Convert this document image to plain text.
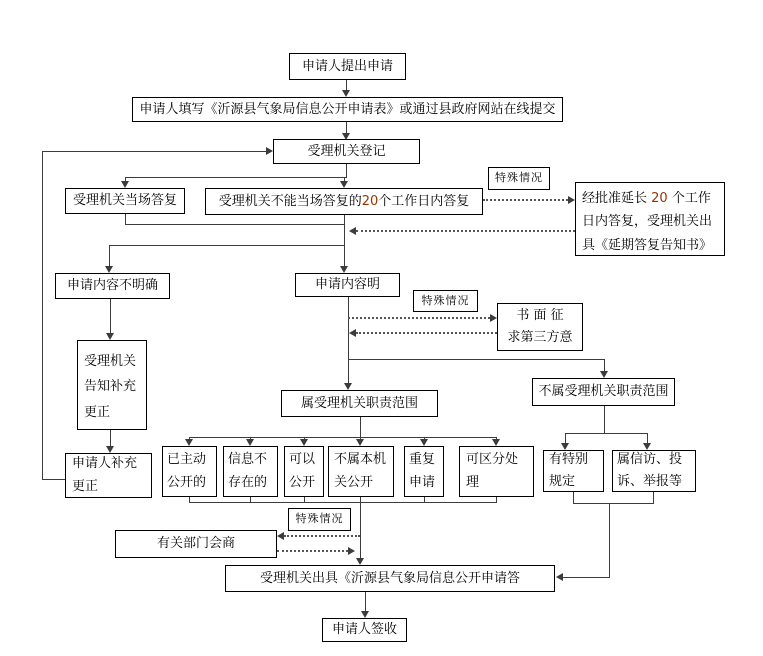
申请人提出申请
申请人填写《沂源县气象局信息公开申请表》或通过县政府网站在线提交
受理机关登记
受理机关当场答复	受理机关不能当场答复的 20 个工作日内答复
特殊情况
经批准延长 20 个工作日内答复，受理机关出具《延期答复告知书》
申请内容不明确	申请内容明
特殊情况
书 面 征
求第三方意
受理机关告知补充更正
申请人补充更正
属受理机关职责范围
不属受理机关职责范围
已主动公开的
信息不存在的
可以公开
不属本机关公开
重复申请
可区分处理
有特别规定
属信访、投诉、举报等
特殊情况
有关部门会商
受理机关出具《沂源县气象局信息公开申请答
申请人签收
